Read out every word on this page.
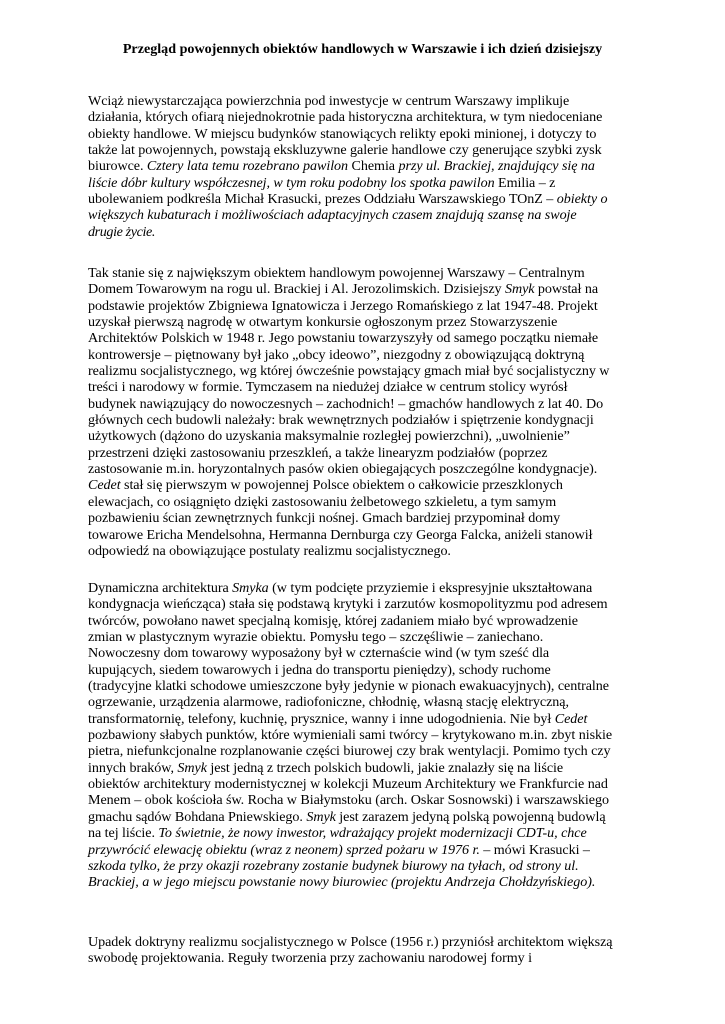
Przegląd powojennych obiektów handlowych w Warszawie i ich dzień dzisiejszy
Wciąż niewystarczająca powierzchnia pod inwestycje w centrum Warszawy implikuje
działania, których ofiarą niejednokrotnie pada historyczna architektura, w tym niedoceniane
obiekty handlowe. W miejscu budynków stanowiących relikty epoki minionej, i dotyczy to
także lat powojennych, powstają ekskluzywne galerie handlowe czy generujące szybki zysk
biurowce. Cztery lata temu rozebrano pawilon Chemia przy ul. Brackiej, znajdujący się na
liście dóbr kultury współczesnej, w tym roku podobny los spotka pawilon Emilia – z
ubolewaniem podkreśla Michał Krasucki, prezes Oddziału Warszawskiego TOnZ – obiekty o
większych kubaturach i możliwościach adaptacyjnych czasem znajdują szansę na swoje
drugie życie.
Tak stanie się z największym obiektem handlowym powojennej Warszawy – Centralnym
Domem Towarowym na rogu ul. Brackiej i Al. Jerozolimskich. Dzisiejszy Smyk powstał na
podstawie projektów Zbigniewa Ignatowicza i Jerzego Romańskiego z lat 1947-48. Projekt
uzyskał pierwszą nagrodę w otwartym konkursie ogłoszonym przez Stowarzyszenie
Architektów Polskich w 1948 r. Jego powstaniu towarzyszyły od samego początku niemałe
kontrowersje – piętnowany był jako „obcy ideowo”, niezgodny z obowiązującą doktryną
realizmu socjalistycznego, wg której ówcześnie powstający gmach miał być socjalistyczny w
treści i narodowy w formie. Tymczasem na niedużej działce w centrum stolicy wyrósł
budynek nawiązujący do nowoczesnych – zachodnich! – gmachów handlowych z lat 40. Do
głównych cech budowli należały: brak wewnętrznych podziałów i spiętrzenie kondygnacji
użytkowych (dążono do uzyskania maksymalnie rozległej powierzchni), „uwolnienie”
przestrzeni dzięki zastosowaniu przeszkleń, a także linearyzm podziałów (poprzez
zastosowanie m.in. horyzontalnych pasów okien obiegających poszczególne kondygnacje).
Cedet stał się pierwszym w powojennej Polsce obiektem o całkowicie przeszklonych
elewacjach, co osiągnięto dzięki zastosowaniu żelbetowego szkieletu, a tym samym
pozbawieniu ścian zewnętrznych funkcji nośnej. Gmach bardziej przypominał domy
towarowe Ericha Mendelsohna, Hermanna Dernburga czy Georga Falcka, aniżeli stanowił
odpowiedź na obowiązujące postulaty realizmu socjalistycznego.
Dynamiczna architektura Smyka (w tym podcięte przyziemie i ekspresyjnie ukształtowana
kondygnacja wieńcząca) stała się podstawą krytyki i zarzutów kosmopolityzmu pod adresem
twórców, powołano nawet specjalną komisję, której zadaniem miało być wprowadzenie
zmian w plastycznym wyrazie obiektu. Pomysłu tego – szczęśliwie – zaniechano.
Nowoczesny dom towarowy wyposażony był w czternaście wind (w tym sześć dla
kupujących, siedem towarowych i jedna do transportu pieniędzy), schody ruchome
(tradycyjne klatki schodowe umieszczone były jedynie w pionach ewakuacyjnych), centralne
ogrzewanie, urządzenia alarmowe, radiofoniczne, chłodnię, własną stację elektryczną,
transformatornię, telefony, kuchnię, prysznice, wanny i inne udogodnienia. Nie był Cedet
pozbawiony słabych punktów, które wymieniali sami twórcy – krytykowano m.in. zbyt niskie
pietra, niefunkcjonalne rozplanowanie części biurowej czy brak wentylacji. Pomimo tych czy
innych braków, Smyk jest jedną z trzech polskich budowli, jakie znalazły się na liście
obiektów architektury modernistycznej w kolekcji Muzeum Architektury we Frankfurcie nad
Menem – obok kościoła św. Rocha w Białymstoku (arch. Oskar Sosnowski) i warszawskiego
gmachu sądów Bohdana Pniewskiego. Smyk jest zarazem jedyną polską powojenną budowlą
na tej liście. To świetnie, że nowy inwestor, wdrażający projekt modernizacji CDT-u, chce
przywrócić elewację obiektu (wraz z neonem) sprzed pożaru w 1976 r. – mówi Krasucki –
szkoda tylko, że przy okazji rozebrany zostanie budynek biurowy na tyłach, od strony ul.
Brackiej, a w jego miejscu powstanie nowy biurowiec (projektu Andrzeja Chołdzyńskiego).
Upadek doktryny realizmu socjalistycznego w Polsce (1956 r.) przyniósł architektom większą
swobodę projektowania. Reguły tworzenia przy zachowaniu narodowej formy i
